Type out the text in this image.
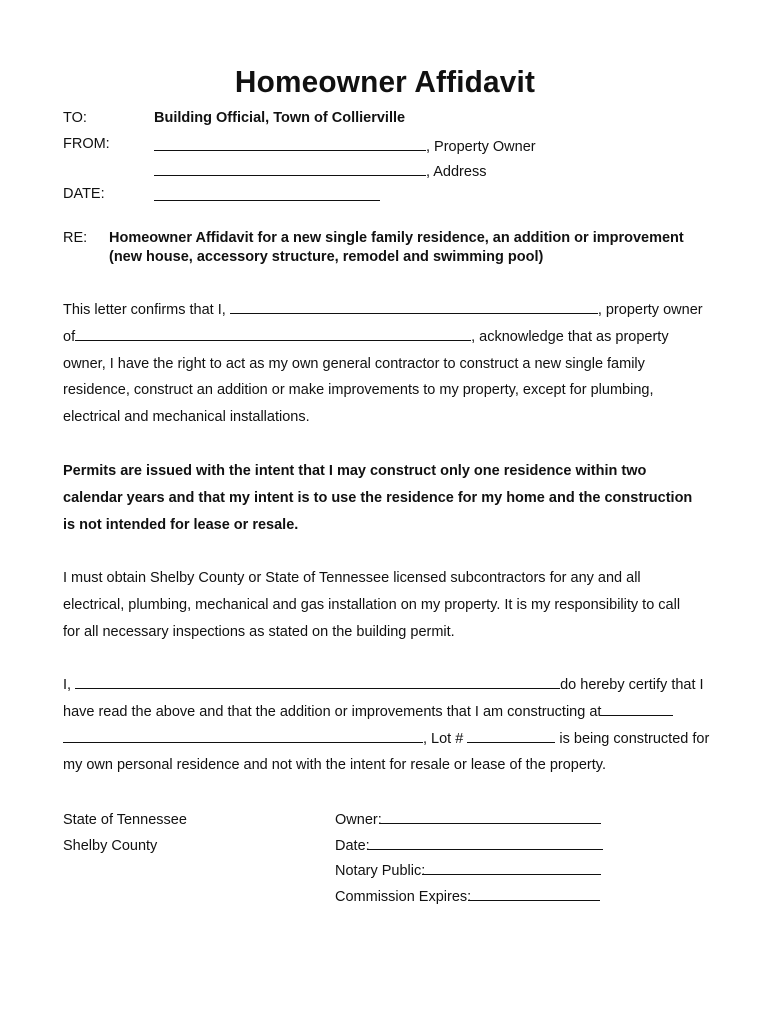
Homeowner Affidavit
TO:	Building Official, Town of Collierville
FROM:	, Property Owner
, Address
DATE:
RE: Homeowner Affidavit for a new single family residence, an addition or improvement
(new house, accessory structure, remodel and swimming pool)

This letter confirms that I,	, property owner

of	, acknowledge that as property

owner, I have the right to act as my own general contractor to construct a new single family

residence, construct an addition or make improvements to my property, except for plumbing,

electrical and mechanical installations.

Permits are issued with the intent that I may construct only one residence within two

calendar years and that my intent is to use the residence for my home and the construction

is not intended for lease or resale.

I must obtain Shelby County or State of Tennessee licensed subcontractors for any and all

electrical, plumbing, mechanical and gas installation on my property. It is my responsibility to call

for all necessary inspections as stated on the building permit.

I,	do hereby certify that I

have read the above and that the addition or improvements that I am constructing at

, Lot #	is being constructed for

my own personal residence and not with the intent for resale or lease of the property.

State of Tennessee
Shelby County
Owner:
Date:
Notary Public:
Commission Expires:
